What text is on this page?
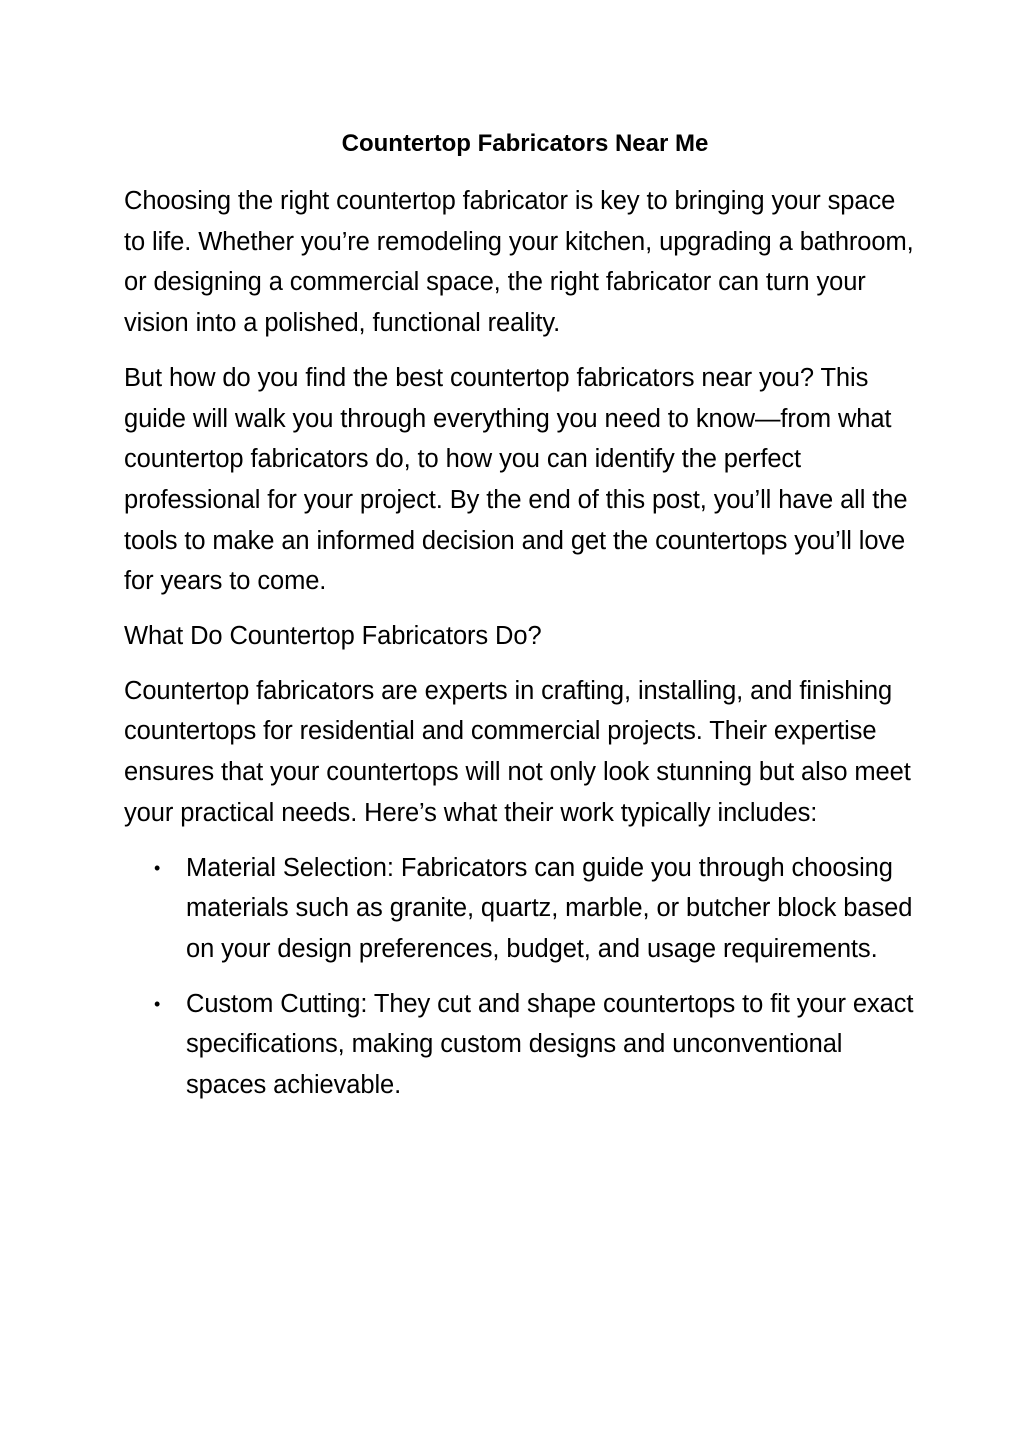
Countertop Fabricators Near Me

Choosing the right countertop fabricator is key to bringing your space to life. Whether you’re remodeling your kitchen, upgrading a bathroom, or designing a commercial space, the right fabricator can turn your vision into a polished, functional reality.

But how do you find the best countertop fabricators near you? This guide will walk you through everything you need to know—from what countertop fabricators do, to how you can identify the perfect professional for your project. By the end of this post, you’ll have all the tools to make an informed decision and get the countertops you’ll love for years to come.

What Do Countertop Fabricators Do?

Countertop fabricators are experts in crafting, installing, and finishing countertops for residential and commercial projects. Their expertise ensures that your countertops will not only look stunning but also meet your practical needs. Here’s what their work typically includes:

• Material Selection: Fabricators can guide you through choosing materials such as granite, quartz, marble, or butcher block based on your design preferences, budget, and usage requirements.
• Custom Cutting: They cut and shape countertops to fit your exact specifications, making custom designs and unconventional spaces achievable.
